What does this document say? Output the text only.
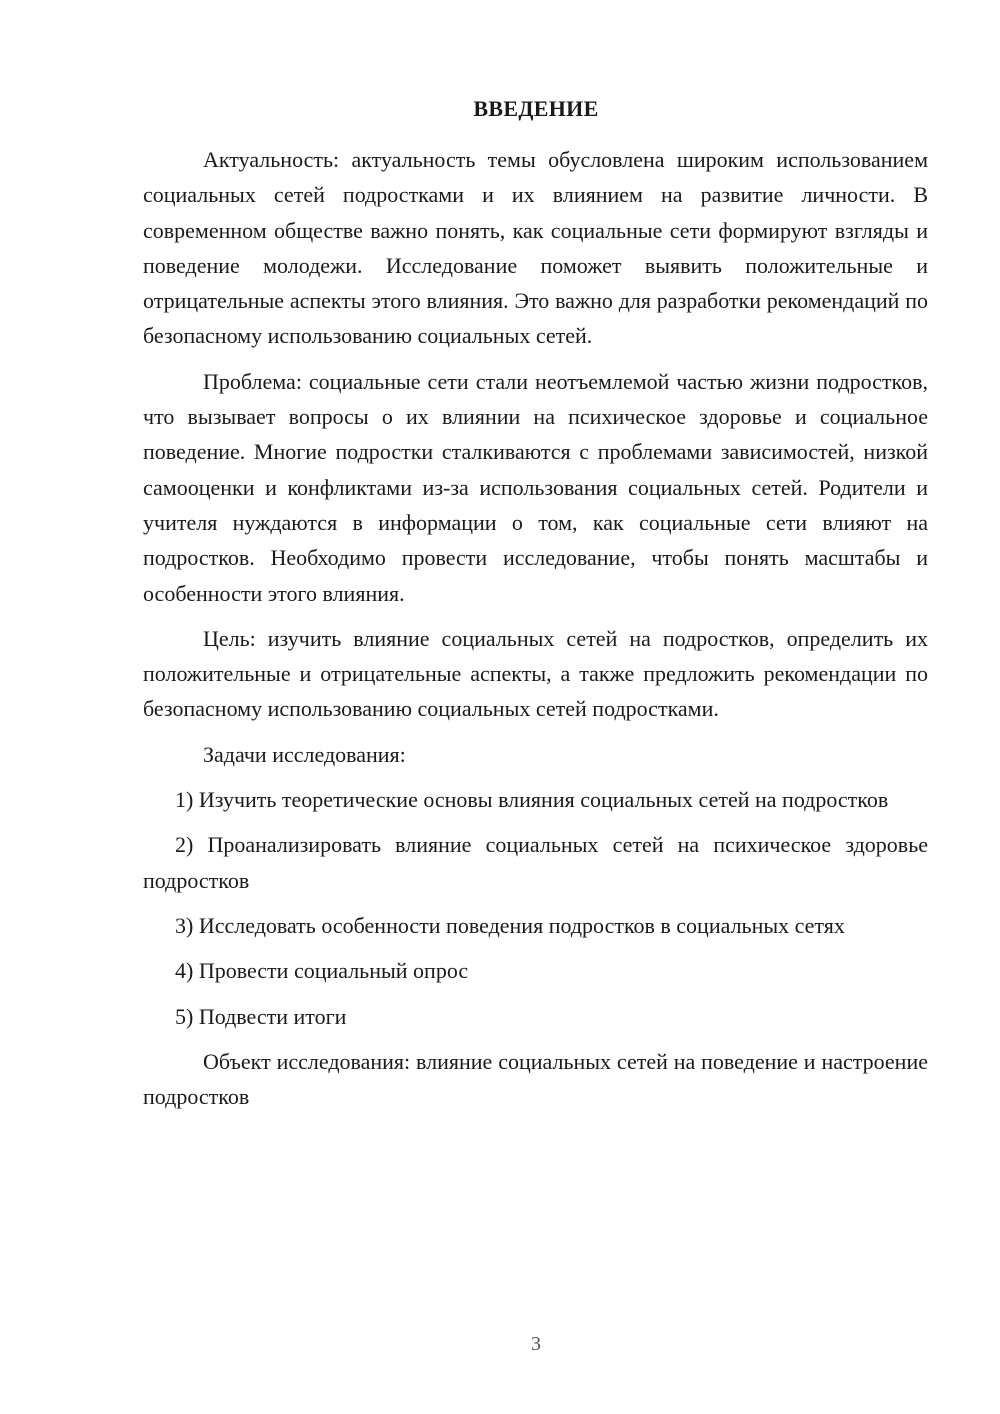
ВВЕДЕНИЕ

Актуальность: актуальность темы обусловлена широким использованием социальных сетей подростками и их влиянием на развитие личности. В современном обществе важно понять, как социальные сети формируют взгляды и поведение молодежи. Исследование поможет выявить положительные и отрицательные аспекты этого влияния. Это важно для разработки рекомендаций по безопасному использованию социальных сетей.

Проблема: социальные сети стали неотъемлемой частью жизни подростков, что вызывает вопросы о их влиянии на психическое здоровье и социальное поведение. Многие подростки сталкиваются с проблемами зависимостей, низкой самооценки и конфликтами из-за использования социальных сетей. Родители и учителя нуждаются в информации о том, как социальные сети влияют на подростков. Необходимо провести исследование, чтобы понять масштабы и особенности этого влияния.

Цель: изучить влияние социальных сетей на подростков, определить их положительные и отрицательные аспекты, а также предложить рекомендации по безопасному использованию социальных сетей подростками.

Задачи исследования:

1) Изучить теоретические основы влияния социальных сетей на подростков

2) Проанализировать влияние социальных сетей на психическое здоровье подростков

3) Исследовать особенности поведения подростков в социальных сетях

4) Провести социальный опрос

5) Подвести итоги

Объект исследования: влияние социальных сетей на поведение и настроение подростков

3
